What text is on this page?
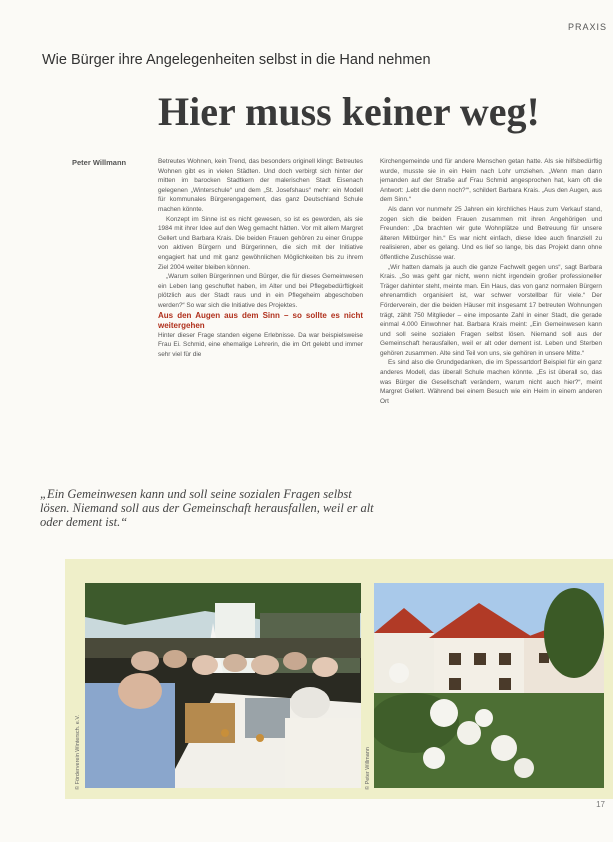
PRAXIS
Wie Bürger ihre Angelegenheiten selbst in die Hand nehmen
Hier muss keiner weg!
Peter Willmann	Betreutes Wohnen, kein Trend, das besonders originell klingt: Betreutes Wohnen gibt es in vielen Städten. Und doch verbirgt sich hinter der mitten im barocken Stadtkern der malerischen Stadt Eisenach gelegenen „Winterschule“ und dem „St. Josefshaus“ mehr: ein Modell für kommunales Bürgerengagement, das ganz Deutschland Schule machen könnte.

Konzept im Sinne ist es nicht gewesen, so ist es geworden, als sie 1984 mit ihrer Idee auf den Weg gemacht hätten. Vor mit allem Margret Gellert und Barbara Krais. Die beiden Frauen gehören zu einer Gruppe von aktiven Bürgern und Bürgerinnen, die sich mit der Initiative engagiert hat und mit ganz gewöhnlichen Möglichkeiten bis zu ihrem Ziel 2004 weiter bleiben können.

„Warum sollen Bürgerinnen und Bürger, die für dieses Gemeinwesen ein Leben lang geschuftet haben, im Alter und bei Pflegebedürftigkeit plötzlich aus der Stadt raus und in ein Pflegeheim abgeschoben werden?“ So war sich die Initiative des Projektes.

Aus den Augen aus dem Sinn – so sollte es nicht weitergehen

Hinter dieser Frage standen eigene Erlebnisse. Da war beispielsweise Frau Ei. Schmid, eine ehemalige Lehrerin, die im Ort gelebt und immer sehr viel für die

Kirchengemeinde und für andere Menschen getan hatte. Als sie hilfsbedürftig wurde, musste sie in ein Heim nach Lohr umziehen. „Wenn man dann jemanden auf der Straße auf Frau Schmid angesprochen hat, kam oft die Antwort: ‚Lebt die denn noch?‘“, schildert Barbara Krais. „Aus den Augen, aus dem Sinn.“

Als dann vor nunmehr 25 Jahren ein kirchliches Haus zum Verkauf stand, zogen sich die beiden Frauen zusammen mit ihren Angehörigen und Freunden: „Da brachten wir gute Wohnplätze und Betreuung für unsere älteren Mitbürger hin.“ Es war nicht einfach, diese Idee auch finanziell zu realisieren, aber es gelang. Und es lief so lange, bis das Projekt dann ohne öffentliche Zuschüsse war.

„Wir hatten damals ja auch die ganze Fachwelt gegen uns“, sagt Barbara Krais. „So was geht gar nicht, wenn nicht irgendein großer professioneller Träger dahinter steht, meinte man. Ein Haus, das von ganz normalen Bürgern ehrenamtlich organisiert ist, war schwer vorstellbar für viele.“ Der Förderverein, der die beiden Häuser mit insgesamt 17 betreuten Wohnungen trägt, zählt 750 Mitglieder – eine imposante Zahl in einer Stadt, die gerade einmal 4.000 Einwohner hat. Barbara Krais meint: „Ein Gemeinwesen kann und soll seine sozialen Fragen selbst lösen. Niemand soll aus der Gemeinschaft herausfallen, weil er alt oder dement ist. Leben und Sterben gehören zusammen. Alte sind Teil von uns, sie gehören in unsere Mitte.“

Es sind also die Grundgedanken, die im Spessartdorf Beispiel für ein ganz anderes Modell, das überall Schule machen könnte. „Es ist überall so, das was Bürger die Gesellschaft verändern, warum nicht auch hier?“, meint Margret Gellert. Während bei einem Besuch wie ein Heim in einem anderen Ort

„Ein Gemeinwesen kann und soll seine sozialen Fragen selbst lösen. Niemand soll aus der Gemeinschaft herausfallen, weil er alt oder dement ist.“
© Förderverein Wintersch. e.V.	© Peter Willmann
17
